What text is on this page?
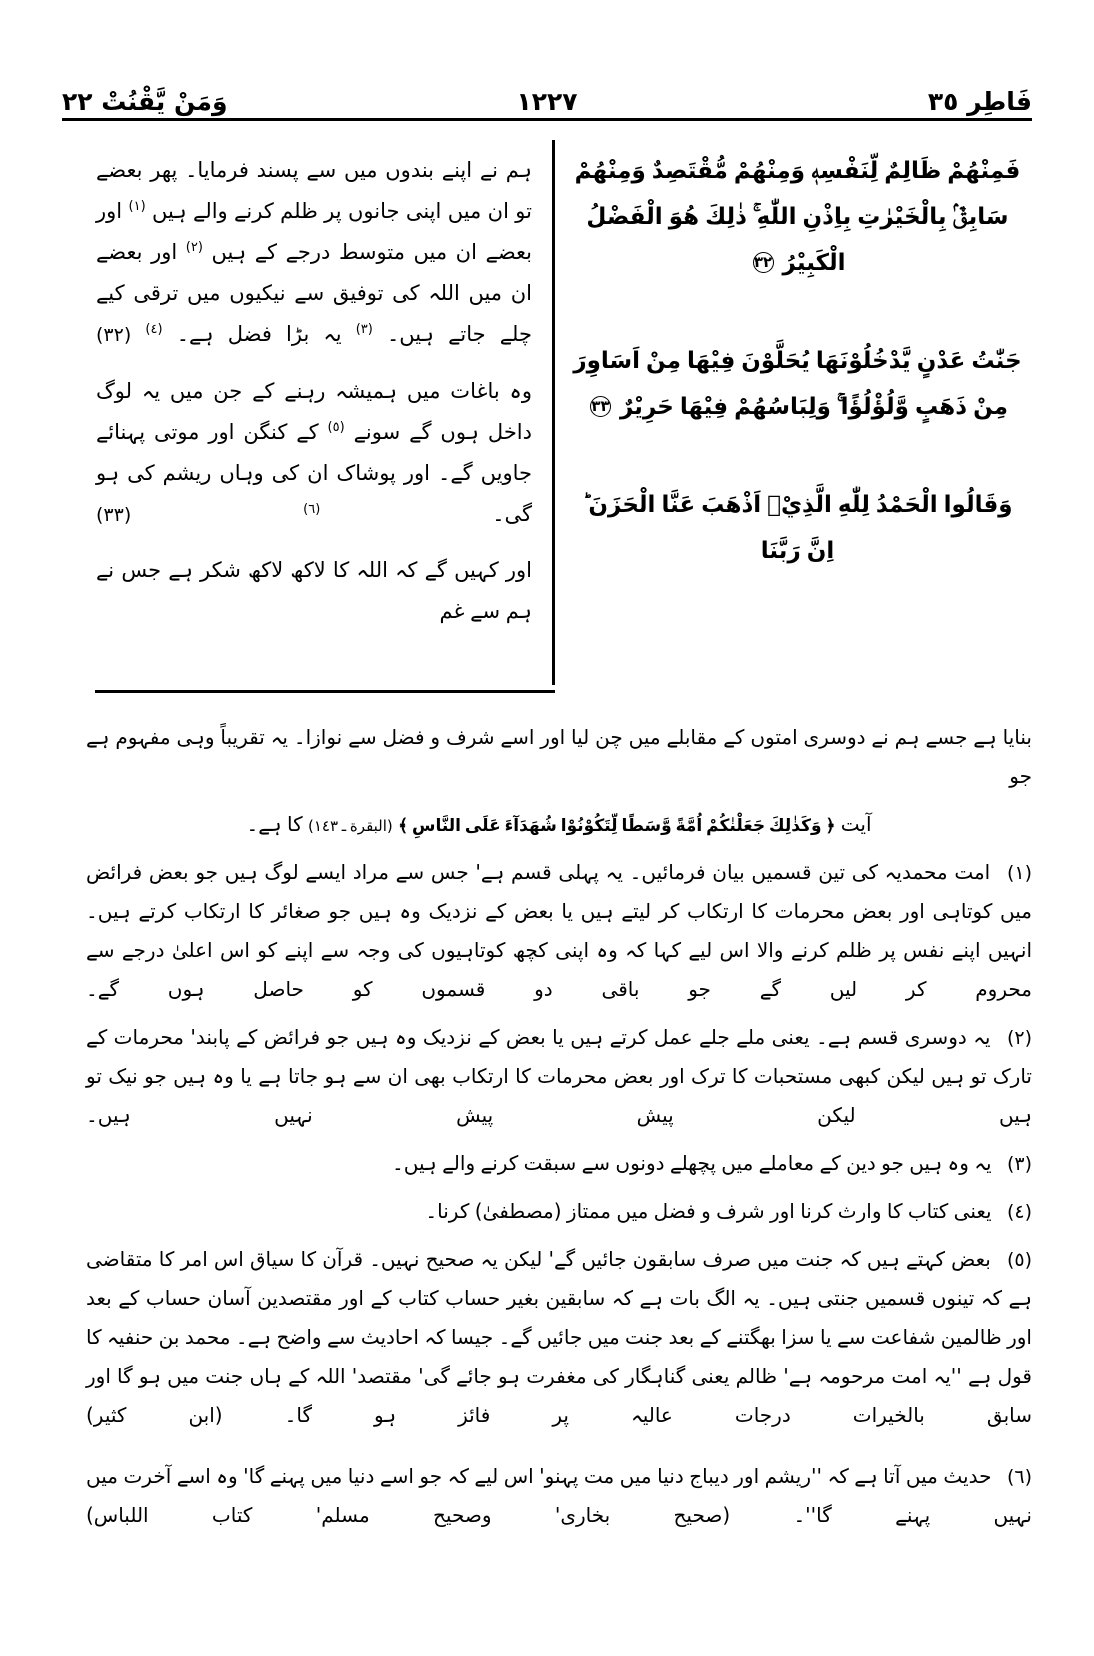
وَمَنْ يَّقْنُتْ ٢٢	١٢٢٧	فَاطِر ٣٥
فَمِنْهُمْ ظَالِمٌ لِّنَفْسِهٖ وَمِنْهُمْ مُّقْتَصِدٌ وَمِنْهُمْ سَابِقٌۢ بِالْخَيْرٰتِ بِاِذْنِ اللّٰهِ ۚ ذٰلِكَ هُوَ الْفَضْلُ الْكَبِيْرُ ٣٢
جَنّٰتُ عَدْنٍ يَّدْخُلُوْنَهَا يُحَلَّوْنَ فِيْهَا مِنْ اَسَاوِرَ مِنْ ذَهَبٍ وَّلُؤْلُؤًا ۚ وَلِبَاسُهُمْ فِيْهَا حَرِيْرٌ ٣٣
وَقَالُوا الْحَمْدُ لِلّٰهِ الَّذِيْۤ اَذْهَبَ عَنَّا الْحَزَنَ ؕ اِنَّ رَبَّنَا
ہم نے اپنے بندوں میں سے پسند فرمایا۔ پھر بعضے تو ان میں اپنی جانوں پر ظلم کرنے والے ہیں $^{(١)}$ اور بعضے ان میں متوسط درجے کے ہیں $^{(٢)}$ اور بعضے ان میں اللہ کی توفیق سے نیکیوں میں ترقی کیے چلے جاتے ہیں۔ $^{(٣)}$ یہ بڑا فضل ہے۔ $^{(٤)}$ (٣٢)
وہ باغات میں ہمیشہ رہنے کے جن میں یہ لوگ داخل ہوں گے سونے $^{(٥)}$ کے کنگن اور موتی پہنائے جاویں گے۔ اور پوشاک ان کی وہاں ریشم کی ہو گی۔ $^{(٦)}$ (٣٣)
اور کہیں گے کہ اللہ کا لاکھ لاکھ شکر ہے جس نے ہم سے غم
بنایا ہے جسے ہم نے دوسری امتوں کے مقابلے میں چن لیا اور اسے شرف و فضل سے نوازا۔ یہ تقریباً وہی مفہوم ہے جو
آیت ﴿ وَكَذٰلِكَ جَعَلْنٰكُمْ اُمَّةً وَّسَطًا لِّتَكُوْنُوْا شُهَدَآءَ عَلَى النَّاسِ ﴾ (البقرة ـ ١٤٣) کا ہے۔
(١) امت محمدیہ کی تین قسمیں بیان فرمائیں۔ یہ پہلی قسم ہے' جس سے مراد ایسے لوگ ہیں جو بعض فرائض میں کوتاہی اور بعض محرمات کا ارتکاب کر لیتے ہیں یا بعض کے نزدیک وہ ہیں جو صغائر کا ارتکاب کرتے ہیں۔ انہیں اپنے نفس پر ظلم کرنے والا اس لیے کہا کہ وہ اپنی کچھ کوتاہیوں کی وجہ سے اپنے کو اس اعلیٰ درجے سے محروم کر لیں گے جو باقی دو قسموں کو حاصل ہوں گے۔
(٢) یہ دوسری قسم ہے۔ یعنی ملے جلے عمل کرتے ہیں یا بعض کے نزدیک وہ ہیں جو فرائض کے پابند' محرمات کے تارک تو ہیں لیکن کبھی مستحبات کا ترک اور بعض محرمات کا ارتکاب بھی ان سے ہو جاتا ہے یا وہ ہیں جو نیک تو ہیں لیکن پیش پیش نہیں ہیں۔
(٣) یہ وہ ہیں جو دین کے معاملے میں پچھلے دونوں سے سبقت کرنے والے ہیں۔
(٤) یعنی کتاب کا وارث کرنا اور شرف و فضل میں ممتاز (مصطفیٰ) کرنا۔
(٥) بعض کہتے ہیں کہ جنت میں صرف سابقون جائیں گے' لیکن یہ صحیح نہیں۔ قرآن کا سیاق اس امر کا متقاضی ہے کہ تینوں قسمیں جنتی ہیں۔ یہ الگ بات ہے کہ سابقین بغیر حساب کتاب کے اور مقتصدین آسان حساب کے بعد اور ظالمین شفاعت سے یا سزا بھگتنے کے بعد جنت میں جائیں گے۔ جیسا کہ احادیث سے واضح ہے۔ محمد بن حنفیہ کا قول ہے ''یہ امت مرحومہ ہے' ظالم یعنی گناہگار کی مغفرت ہو جائے گی' مقتصد' اللہ کے ہاں جنت میں ہو گا اور سابق بالخیرات درجات عالیہ پر فائز ہو گا۔ (ابن کثیر)
(٦) حدیث میں آتا ہے کہ ''ریشم اور دیباج دنیا میں مت پہنو' اس لیے کہ جو اسے دنیا میں پہنے گا' وہ اسے آخرت میں نہیں پہنے گا''۔ (صحیح بخاری' وصحیح مسلم' کتاب اللباس)
